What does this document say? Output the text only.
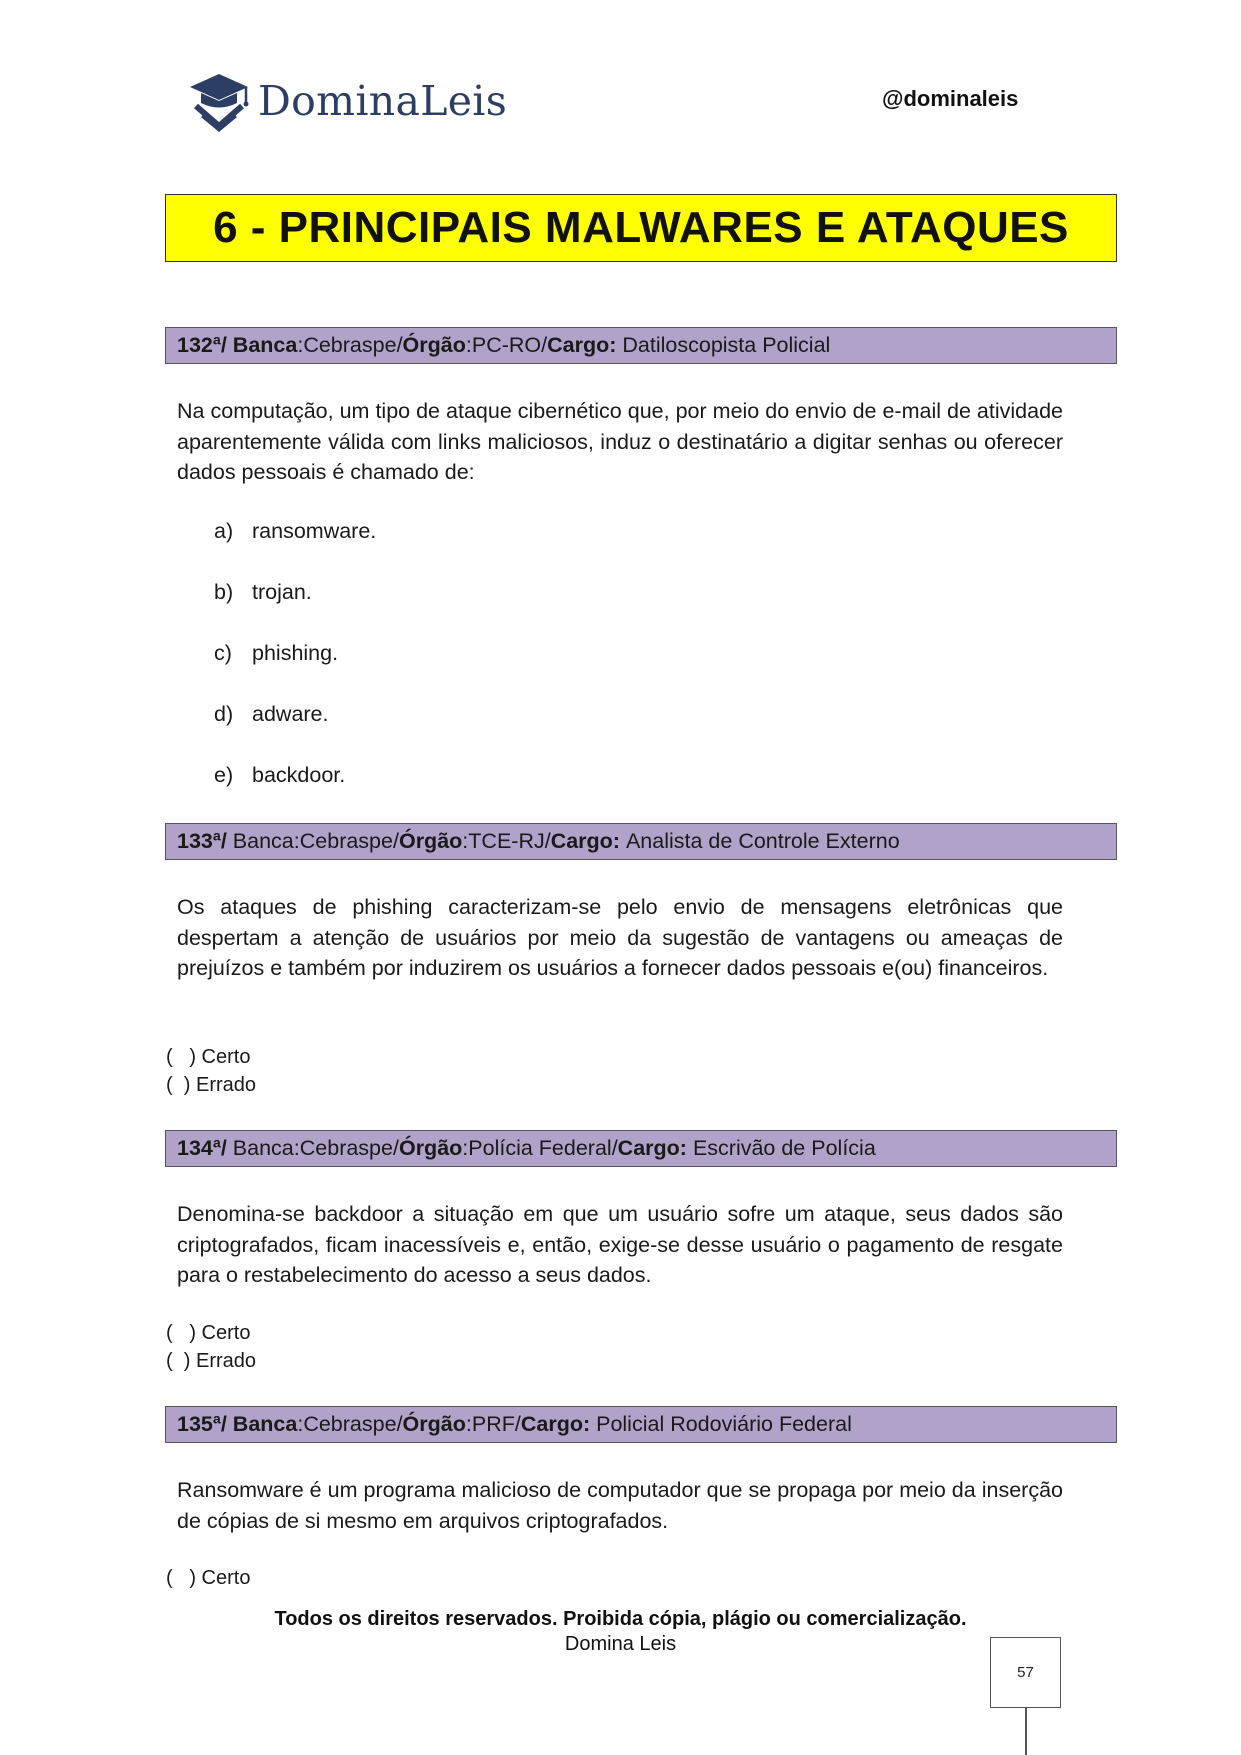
DominaLeis	@dominaleis
6 - PRINCIPAIS MALWARES E ATAQUES
132ª/
Banca : Cebraspe / Órgão : PC-RO / Cargo:
Datiloscopista Policial
Na computação, um tipo de ataque cibernético que, por meio do envio de e-mail de atividade aparentemente válida com links maliciosos, induz o destinatário a digitar senhas ou oferecer dados pessoais é chamado de:
a) ransomware.
b) trojan.
c) phishing.
d) adware.
e) backdoor.
133ª/
Banca : Cebraspe / Órgão : TCE-RJ / Cargo:
Analista de Controle Externo
Os ataques de phishing caracterizam-se pelo envio de mensagens eletrônicas que despertam a atenção de usuários por meio da sugestão de vantagens ou ameaças de prejuízos e também por induzirem os usuários a fornecer dados pessoais e(ou) financeiros.
(   ) Certo
(  ) Errado
134ª/
Banca : Cebraspe / Órgão : Polícia Federal / Cargo:
Escrivão de Polícia
Denomina-se backdoor a situação em que um usuário sofre um ataque, seus dados são criptografados, ficam inacessíveis e, então, exige-se desse usuário o pagamento de resgate para o restabelecimento do acesso a seus dados.
(   ) Certo
(  ) Errado
135ª/
Banca : Cebraspe / Órgão : PRF / Cargo:
Policial Rodoviário Federal
Ransomware é um programa malicioso de computador que se propaga por meio da inserção de cópias de si mesmo em arquivos criptografados.
(   ) Certo
Todos os direitos reservados. Proibida cópia, plágio ou comercialização.
Domina Leis
57
